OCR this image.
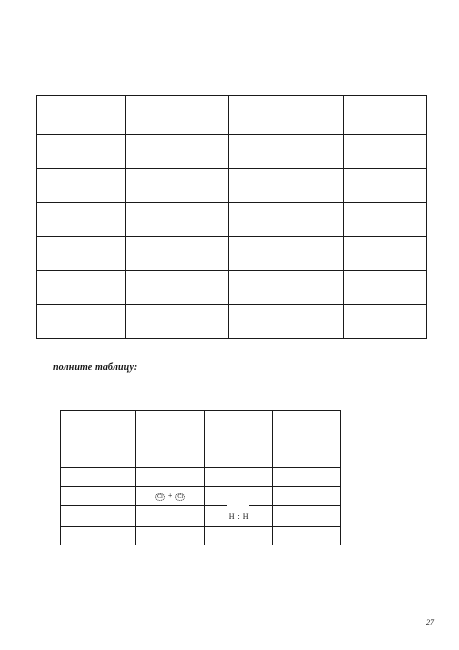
полните таблицу:

	Cl + Cl		

		H : H	

27
